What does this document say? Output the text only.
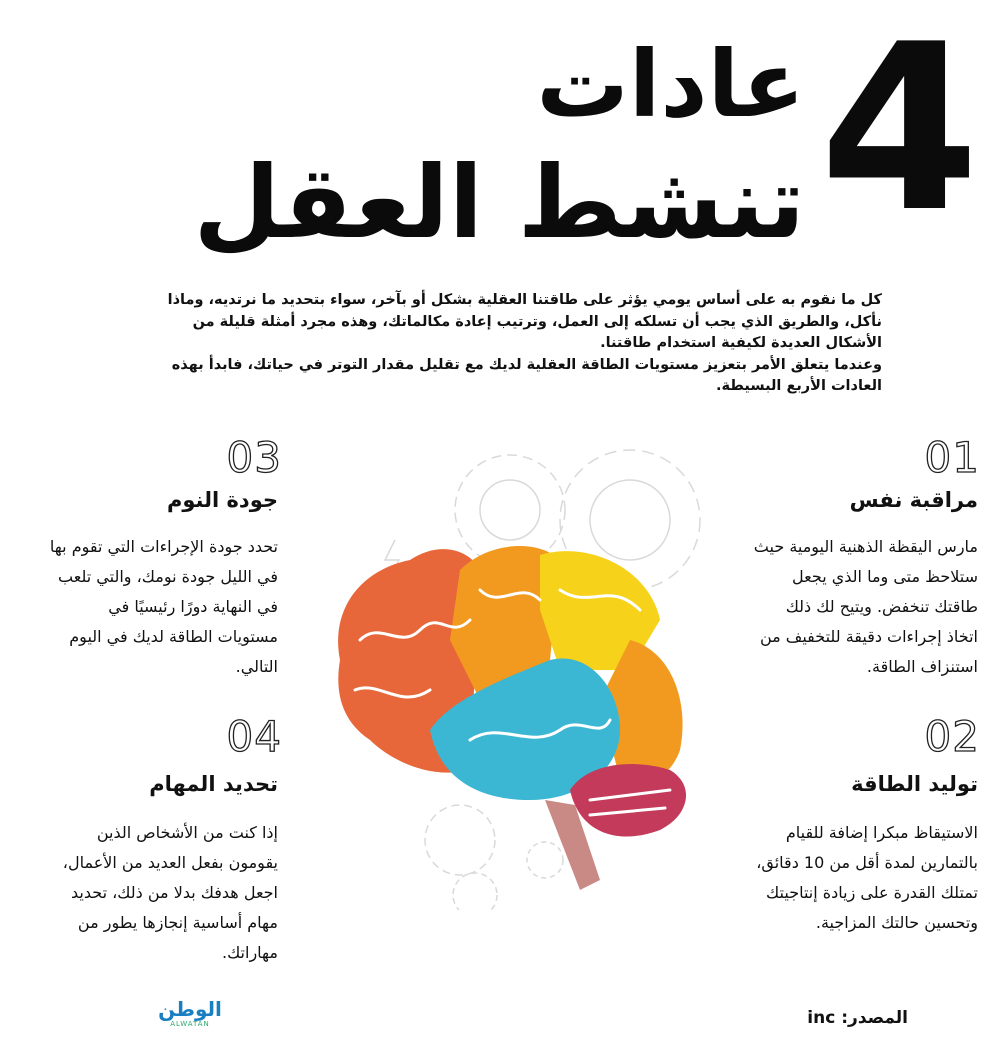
4
عادات
تنشط العقل

كل ما نقوم به على أساس يومي يؤثر على طاقتنا العقلية بشكل أو بآخر، سواء بتحديد ما نرتديه، وماذا نأكل، والطريق الذي يجب أن تسلكه إلى العمل، وترتيب إعادة مكالماتك، وهذه مجرد أمثلة قليلة من الأشكال العديدة لكيفية استخدام طاقتنا.

وعندما يتعلق الأمر بتعزيز مستويات الطاقة العقلية لديك مع تقليل مقدار التوتر في حياتك، فابدأ بهذه العادات الأربع البسيطة.

01
مراقبة نفس
مارس اليقظة الذهنية اليومية حيث
ستلاحظ متى وما الذي يجعل
طاقتك تنخفض. ويتيح لك ذلك
اتخاذ إجراءات دقيقة للتخفيف من
استنزاف الطاقة.
02
توليد الطاقة
الاستيقاظ مبكرا إضافة للقيام
بالتمارين لمدة أقل من 10 دقائق،
تمتلك القدرة على زيادة إنتاجيتك
وتحسين حالتك المزاجية.
03
جودة النوم
تحدد جودة الإجراءات التي تقوم بها
في الليل جودة نومك، والتي تلعب
في النهاية دورًا رئيسيًا في
مستويات الطاقة لديك في اليوم
التالي.
04
تحديد المهام
إذا كنت من الأشخاص الذين
يقومون بفعل العديد من الأعمال،
اجعل هدفك بدلا من ذلك، تحديد
مهام أساسية إنجازها يطور من
مهاراتك.
الوطن
ALWATAN	المصدر: inc
